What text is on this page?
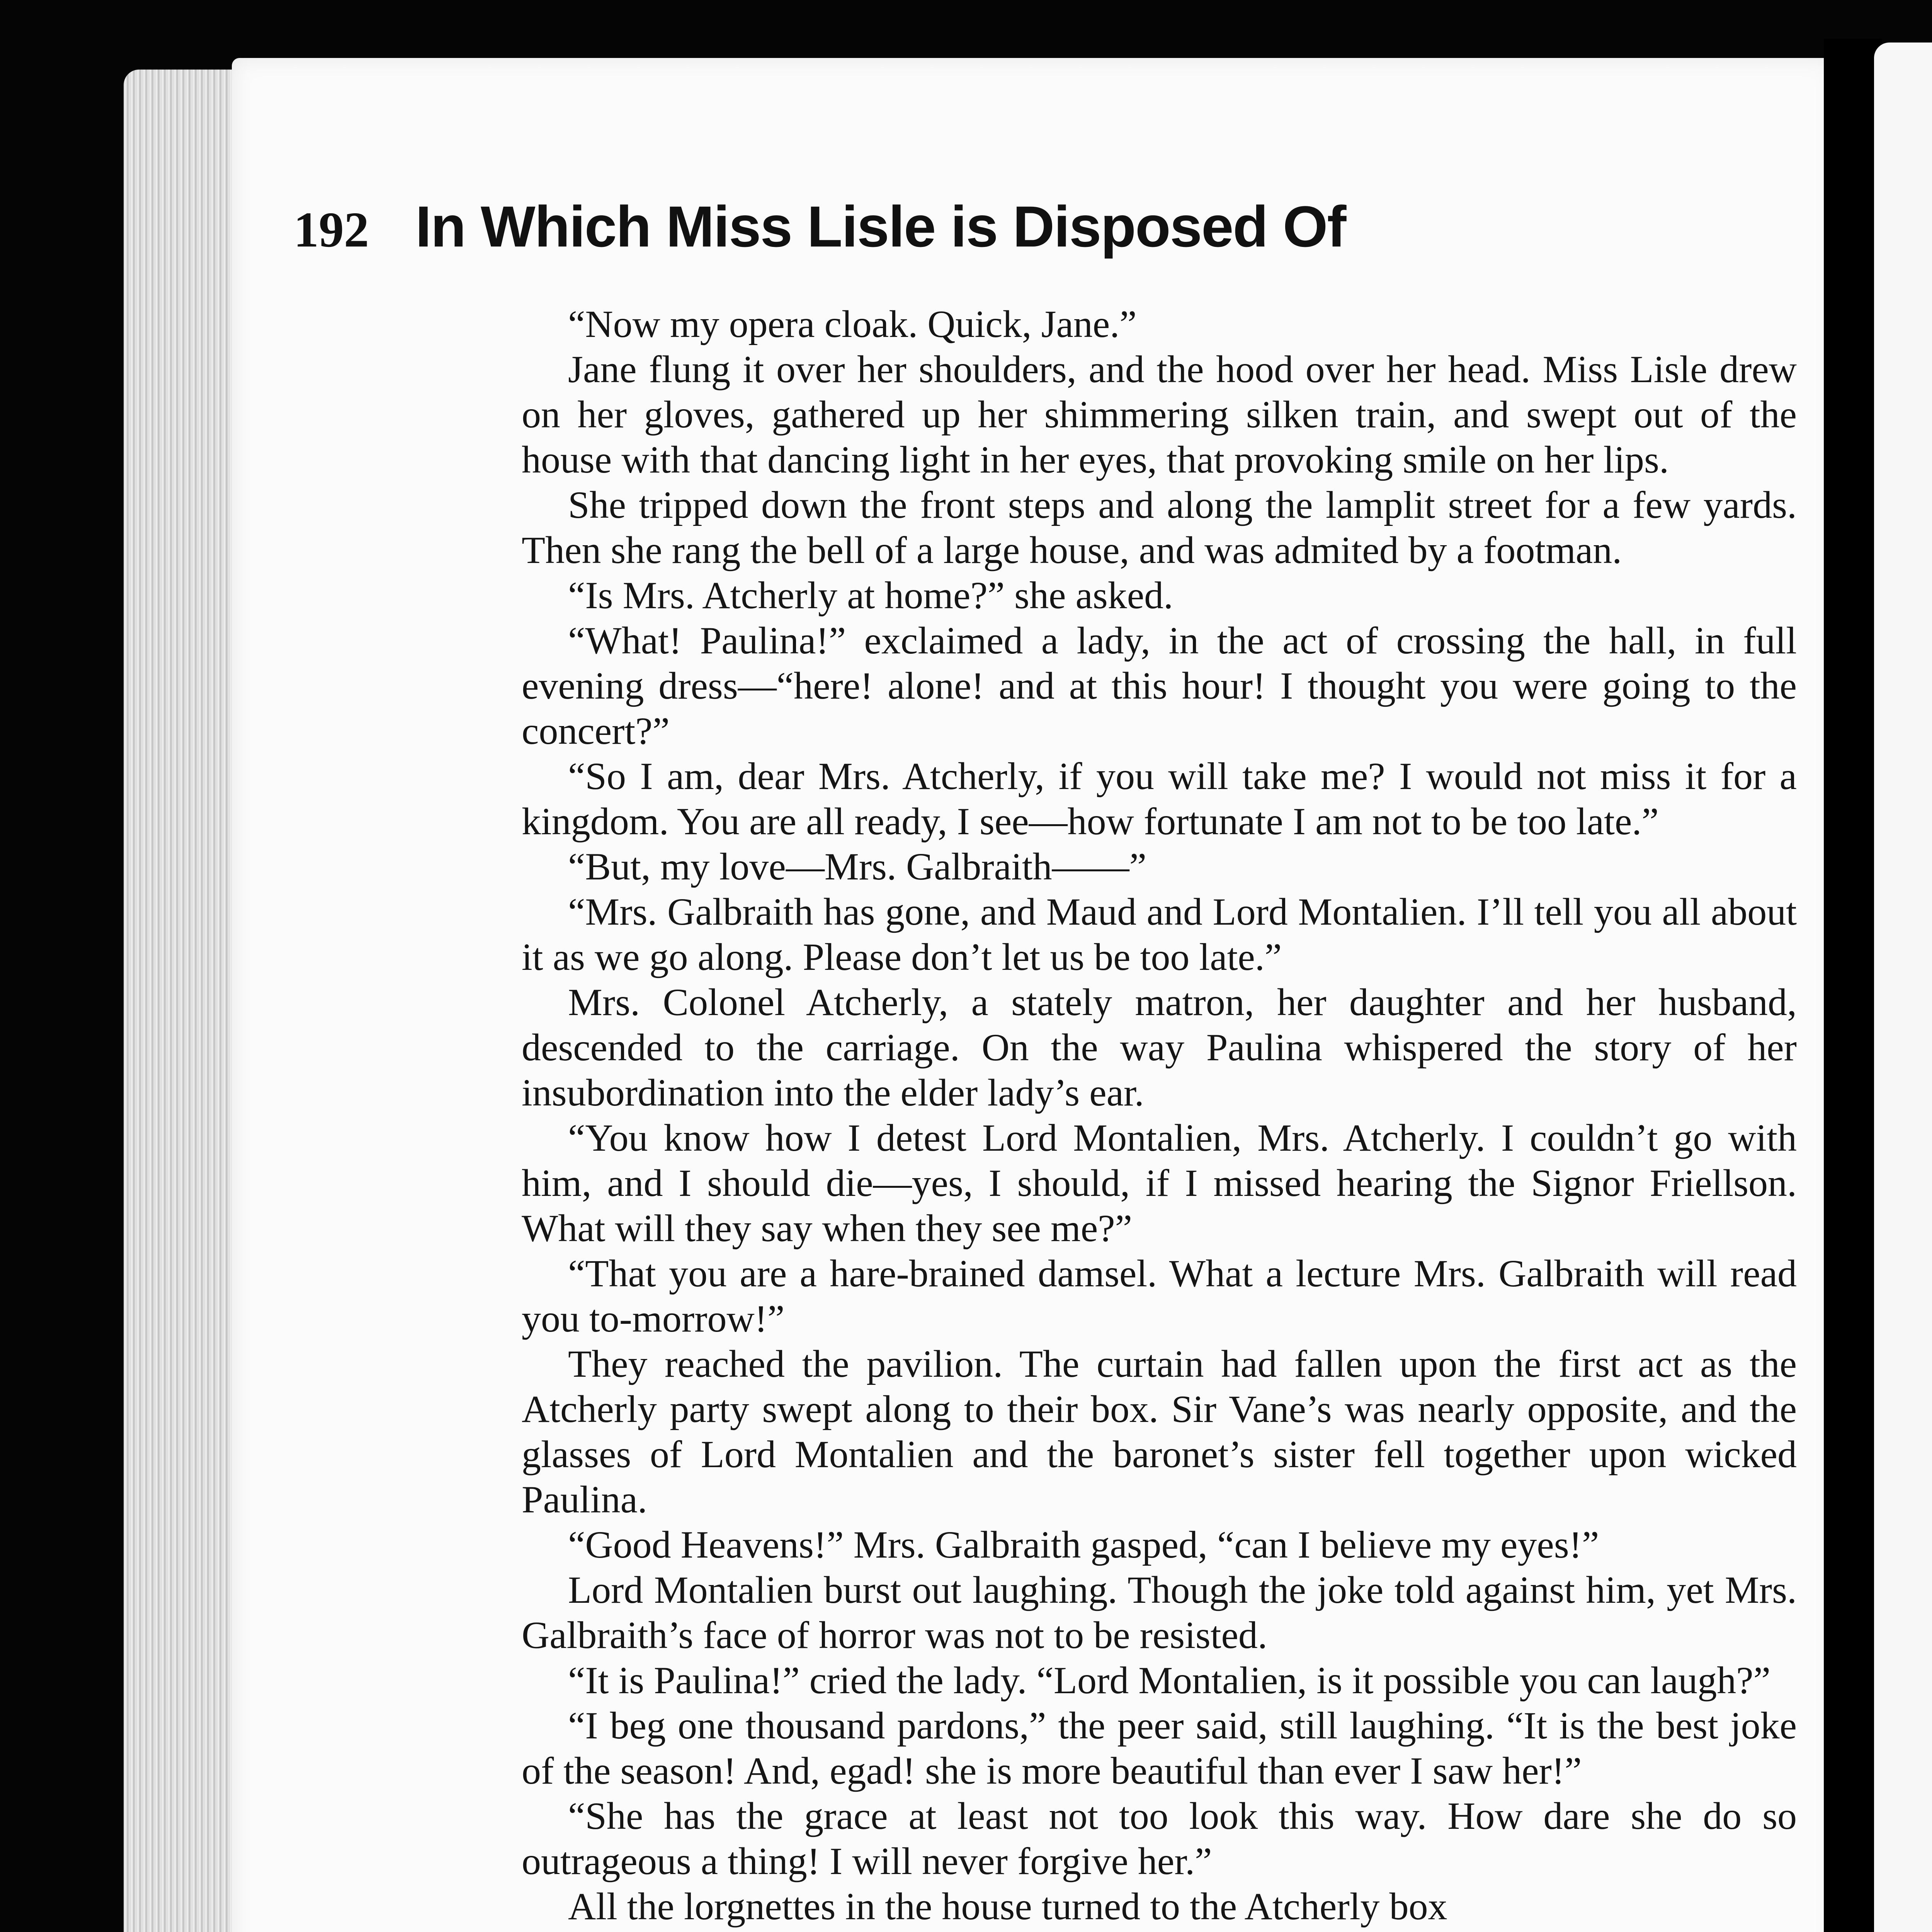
192 In Which Miss Lisle is Disposed Of

“Now my opera cloak. Quick, Jane.”

Jane flung it over her shoulders, and the hood over her head. Miss Lisle drew on her gloves, gathered up her shimmering silken train, and swept out of the house with that dancing light in her eyes, that provoking smile on her lips.

She tripped down the front steps and along the lamplit street for a few yards. Then she rang the bell of a large house, and was admited by a footman.

“Is Mrs. Atcherly at home?” she asked.

“What! Paulina!” exclaimed a lady, in the act of crossing the hall, in full evening dress—“here! alone! and at this hour! I thought you were going to the concert?”

“So I am, dear Mrs. Atcherly, if you will take me? I would not miss it for a kingdom. You are all ready, I see—how fortunate I am not to be too late.”

“But, my love—Mrs. Galbraith——”

“Mrs. Galbraith has gone, and Maud and Lord Montalien. I’ll tell you all about it as we go along. Please don’t let us be too late.”

Mrs. Colonel Atcherly, a stately matron, her daughter and her husband, descended to the carriage. On the way Paulina whispered the story of her insubordination into the elder lady’s ear.

“You know how I detest Lord Montalien, Mrs. Atcherly. I couldn’t go with him, and I should die—yes, I should, if I missed hearing the Signor Friellson. What will they say when they see me?”

“That you are a hare-brained damsel. What a lecture Mrs. Galbraith will read you to-morrow!”

They reached the pavilion. The curtain had fallen upon the first act as the Atcherly party swept along to their box. Sir Vane’s was nearly opposite, and the glasses of Lord Montalien and the baronet’s sister fell together upon wicked Paulina.

“Good Heavens!” Mrs. Galbraith gasped, “can I believe my eyes!”

Lord Montalien burst out laughing. Though the joke told against him, yet Mrs. Galbraith’s face of horror was not to be resisted.

“It is Paulina!” cried the lady. “Lord Montalien, is it possible you can laugh?”

“I beg one thousand pardons,” the peer said, still laughing. “It is the best joke of the season! And, egad! she is more beautiful than ever I saw her!”

“She has the grace at least not too look this way. How dare she do so outrageous a thing! I will never forgive her.”

All the lorgnettes in the house turned to the Atcherly box
